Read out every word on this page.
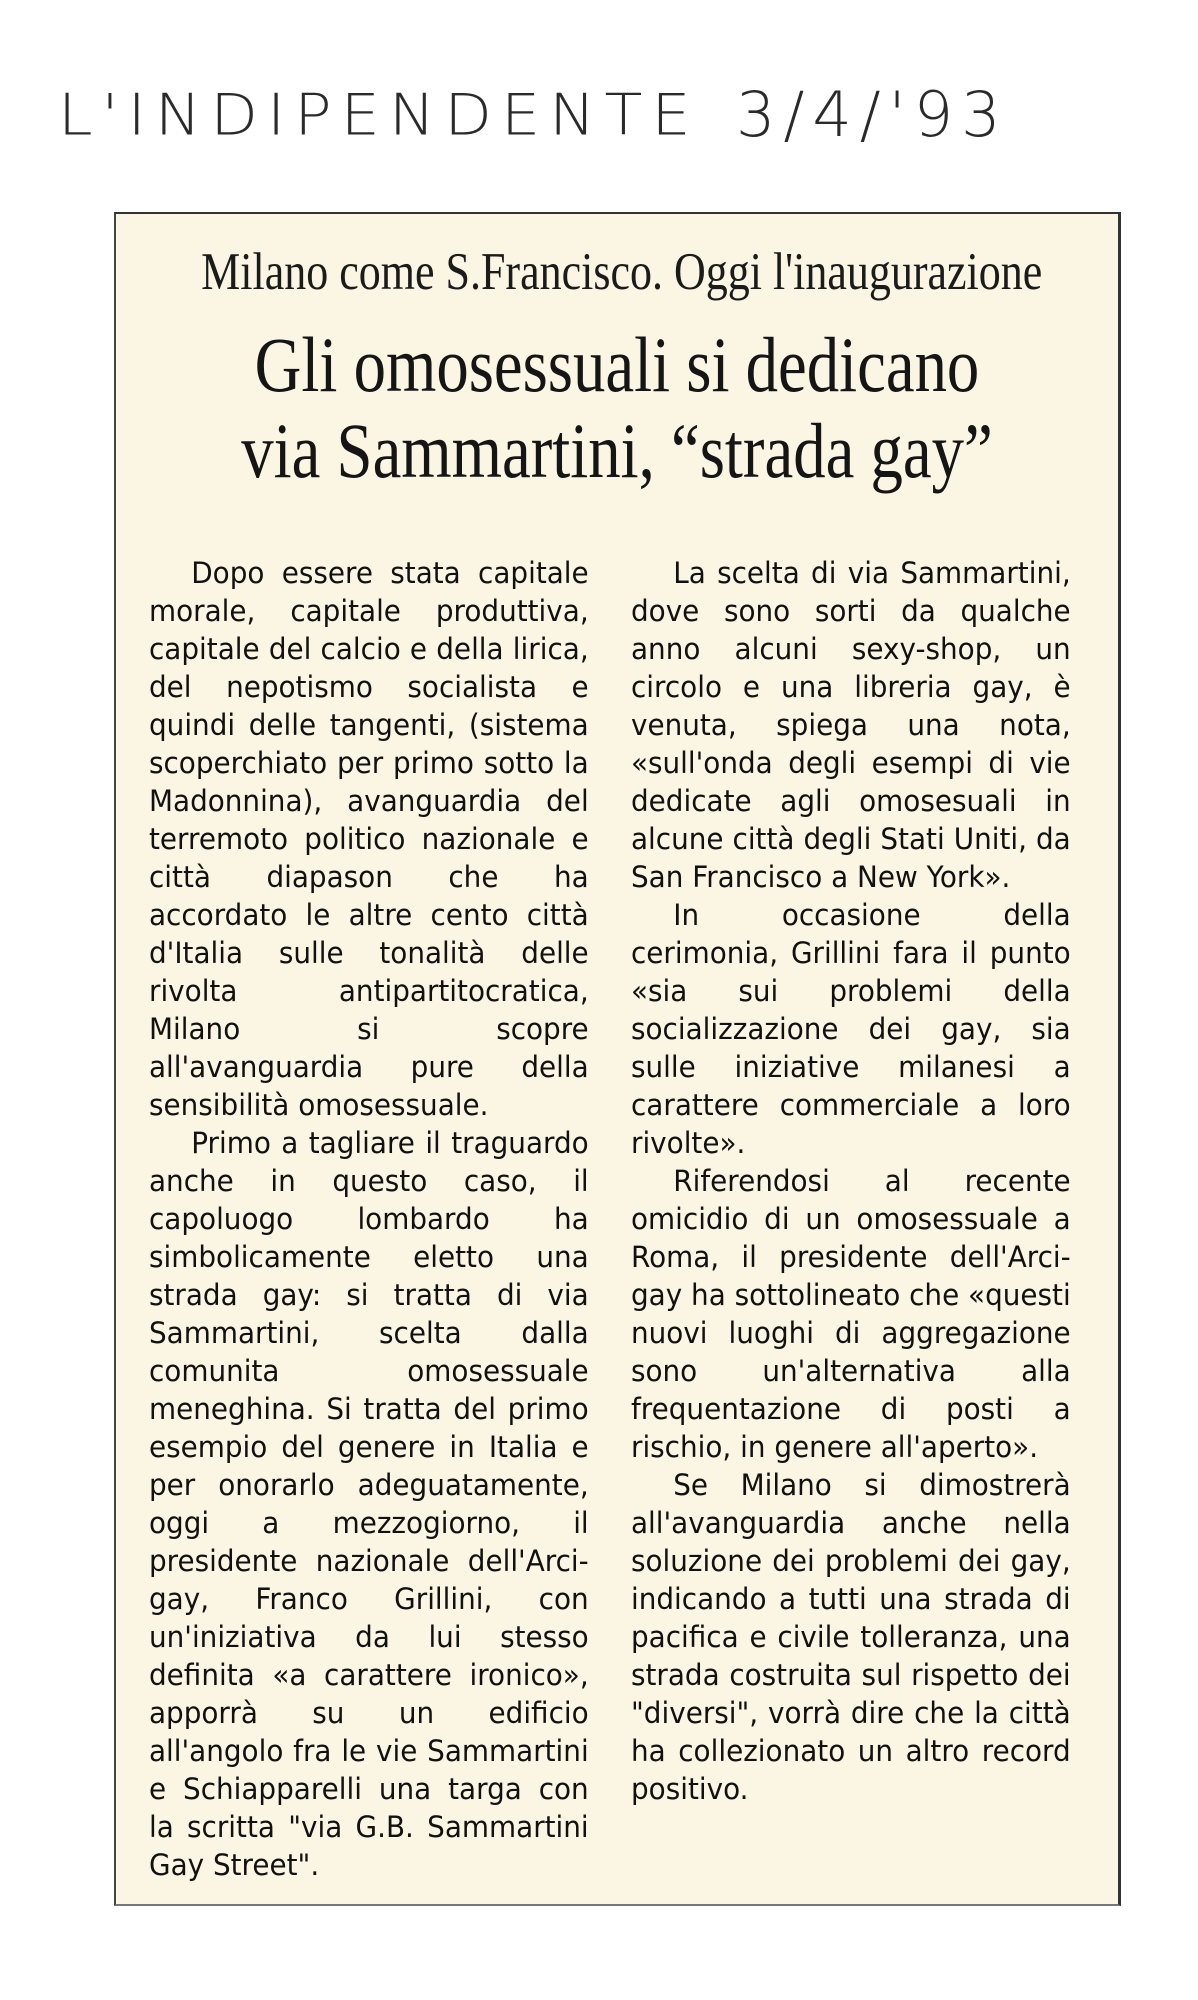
L'INDIPENDENTE 3/4/'93
Milano come S.Francisco. Oggi l'inaugurazione
Gli omosessuali si dedicano
via Sammartini, “strada gay”

Dopo essere stata capitale morale, capitale produttiva, capitale del calcio e della lirica, del nepotismo socialista e quindi delle tangenti, (sistema scoperchiato per primo sotto la Madonnina), avanguardia del terremoto politico nazionale e città diapason che ha accordato le altre cento città d'Italia sulle tonalità delle rivolta antipartitocratica, Milano si scopre all'avanguardia pure della sensibilità omosessuale.

Primo a tagliare il traguardo anche in questo caso, il capoluogo lombardo ha simbolicamente eletto una strada gay: si tratta di via Sammartini, scelta dalla comunita omosessuale meneghina. Si tratta del primo esempio del genere in Italia e per onorarlo adeguatamente, oggi a mezzogiorno, il presidente nazionale dell'Arci-gay, Franco Grillini, con un'iniziativa da lui stesso definita «a carattere ironico», apporrà su un edificio all'angolo fra le vie Sammartini e Schiapparelli una targa con la scritta "via G.B. Sammartini Gay Street".

La scelta di via Sammartini, dove sono sorti da qualche anno alcuni sexy-shop, un circolo e una libreria gay, è venuta, spiega una nota, «sull'onda degli esempi di vie dedicate agli omosesuali in alcune città degli Stati Uniti, da San Francisco a New York».

In occasione della cerimonia, Grillini fara il punto «sia sui problemi della socializzazione dei gay, sia sulle iniziative milanesi a carattere commerciale a loro rivolte».

Riferendosi al recente omicidio di un omosessuale a Roma, il presidente dell'Arci-gay ha sottolineato che «questi nuovi luoghi di aggregazione sono un'alternativa alla frequentazione di posti a rischio, in genere all'aperto».

Se Milano si dimostrerà all'avanguardia anche nella soluzione dei problemi dei gay, indicando a tutti una strada di pacifica e civile tolleranza, una strada costruita sul rispetto dei "diversi", vorrà dire che la città ha collezionato un altro record positivo.
